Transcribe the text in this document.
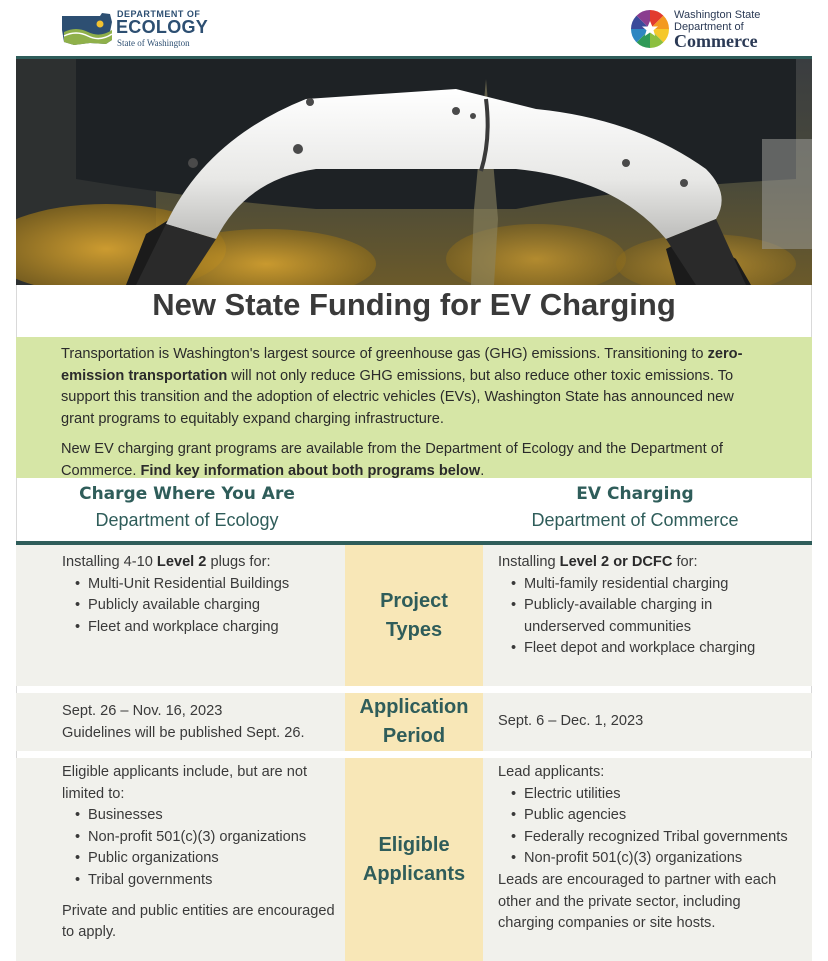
DEPARTMENT OF
ECOLOGY
State of Washington
Washington State
Department of
Commerce
New State Funding for EV Charging

Transportation is Washington's largest source of greenhouse gas (GHG) emissions. Transitioning to zero-emission transportation will not only reduce GHG emissions, but also reduce other toxic emissions. To support this transition and the adoption of electric vehicles (EVs), Washington State has announced new grant programs to equitably expand charging infrastructure.

New EV charging grant programs are available from the Department of Ecology and the Department of Commerce. Find key information about both programs below.

Charge Where You Are
Department of Ecology
EV Charging
Department of Commerce
Project
Types
Installing 4-10 Level 2 plugs for:
• Multi-Unit Residential Buildings
• Publicly available charging
• Fleet and workplace charging
Installing Level 2 or DCFC for:
• Multi-family residential charging
• Publicly-available charging in underserved communities
• Fleet depot and workplace charging
Application
Period
Sept. 26 – Nov. 16, 2023
Guidelines will be published Sept. 26.
Sept. 6 – Dec. 1, 2023
Eligible
Applicants
Eligible applicants include, but are not limited to:
• Businesses
• Non-profit 501(c)(3) organizations
• Public organizations
• Tribal governments
Private and public entities are encouraged to apply.
Lead applicants:
• Electric utilities
• Public agencies
• Federally recognized Tribal governments
• Non-profit 501(c)(3) organizations
Leads are encouraged to partner with each other and the private sector, including charging companies or site hosts.
